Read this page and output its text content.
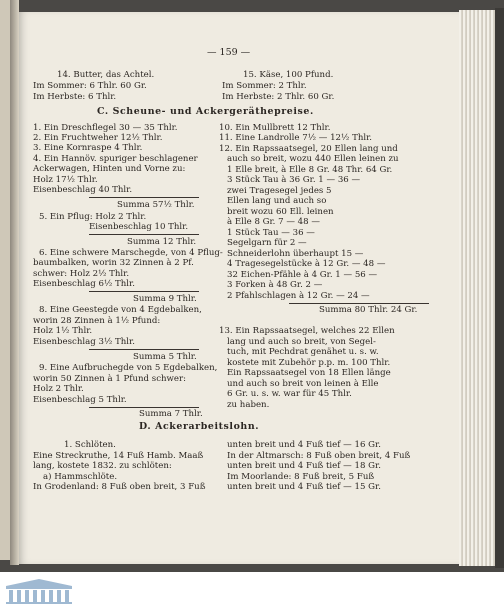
— 159 —
14. Butter, das Achtel.
Im Sommer: 6 Thlr. 60 Gr.
Im Herbste: 6 Thlr.
15. Käse, 100 Pfund.
Im Sommer: 2 Thlr.
Im Herbste: 2 Thlr. 60 Gr.
C. Scheune- und Ackergeräthepreise.
1. Ein Dreschflegel 30 — 35 Thlr.
2. Ein Fruchtweher 12½ Thlr.
3. Eine Kornraspe 4 Thlr.
4. Ein Hannöv. spuriger beschlagener
Ackerwagen, Hinten und Vorne zu:
Holz 17½ Thlr.
Eisenbeschlag 40 Thlr.
Summa 57½ Thlr.
5. Ein Pflug: Holz 2 Thlr.
Eisenbeschlag 10 Thlr.
Summa 12 Thlr.
6. Eine schwere Marschegde, von 4 Pflug-
baumbalken, worin 32 Zinnen à 2 Pf.
schwer: Holz 2½ Thlr.
Eisenbeschlag 6½ Thlr.
Summa 9 Thlr.
8. Eine Geestegde von 4 Egdebalken,
worin 28 Zinnen à 1½ Pfund:
Holz 1½ Thlr.
Eisenbeschlag 3½ Thlr.
Summa 5 Thlr.
9. Eine Aufbruchegde von 5 Egdebalken,
worin 50 Zinnen à 1 Pfund schwer:
Holz 2 Thlr.
Eisenbeschlag 5 Thlr.
Summa 7 Thlr.
10. Ein Mullbrett 12 Thlr.
11. Eine Landrolle 7½ — 12½ Thlr.
12. Ein Rapssaatsegel, 20 Ellen lang und
auch so breit, wozu 440 Ellen leinen zu
1 Elle breit, à Elle 8 Gr. 48 Thr. 64 Gr.
3 Stück Tau à 36 Gr. 1 — 36 —
zwei Tragesegel jedes 5
Ellen lang und auch so
breit wozu 60 Ell. leinen
à Elle 8 Gr. 7 — 48 —
1 Stück Tau — 36 —
Segelgarn für 2 —
Schneiderlohn überhaupt 15 —
4 Tragesegelstücke à 12 Gr. — 48 —
32 Eichen-Pfähle à 4 Gr. 1 — 56 —
3 Forken à 48 Gr. 2 —
2 Pfahlschlagen à 12 Gr. — 24 —
Summa 80 Thlr. 24 Gr.
13. Ein Rapssaatsegel, welches 22 Ellen
lang und auch so breit, von Segel-
tuch, mit Pechdrat genähet u. s. w.
kostete mit Zubehör p.p. m. 100 Thlr.
Ein Rapssaatsegel von 18 Ellen länge
und auch so breit von leinen à Elle
6 Gr. u. s. w. war für 45 Thlr.
zu haben.
D. Ackerarbeitslohn.
1. Schlöten.
Eine Streckruthe, 14 Fuß Hamb. Maaß
lang, kostete 1832. zu schlöten:
a) Hammschlöte.
In Grodenland: 8 Fuß oben breit, 3 Fuß
unten breit und 4 Fuß tief — 16 Gr.
In der Altmarsch: 8 Fuß oben breit, 4 Fuß
unten breit und 4 Fuß tief — 18 Gr.
Im Moorlande: 8 Fuß breit, 5 Fuß
unten breit und 4 Fuß tief — 15 Gr.
